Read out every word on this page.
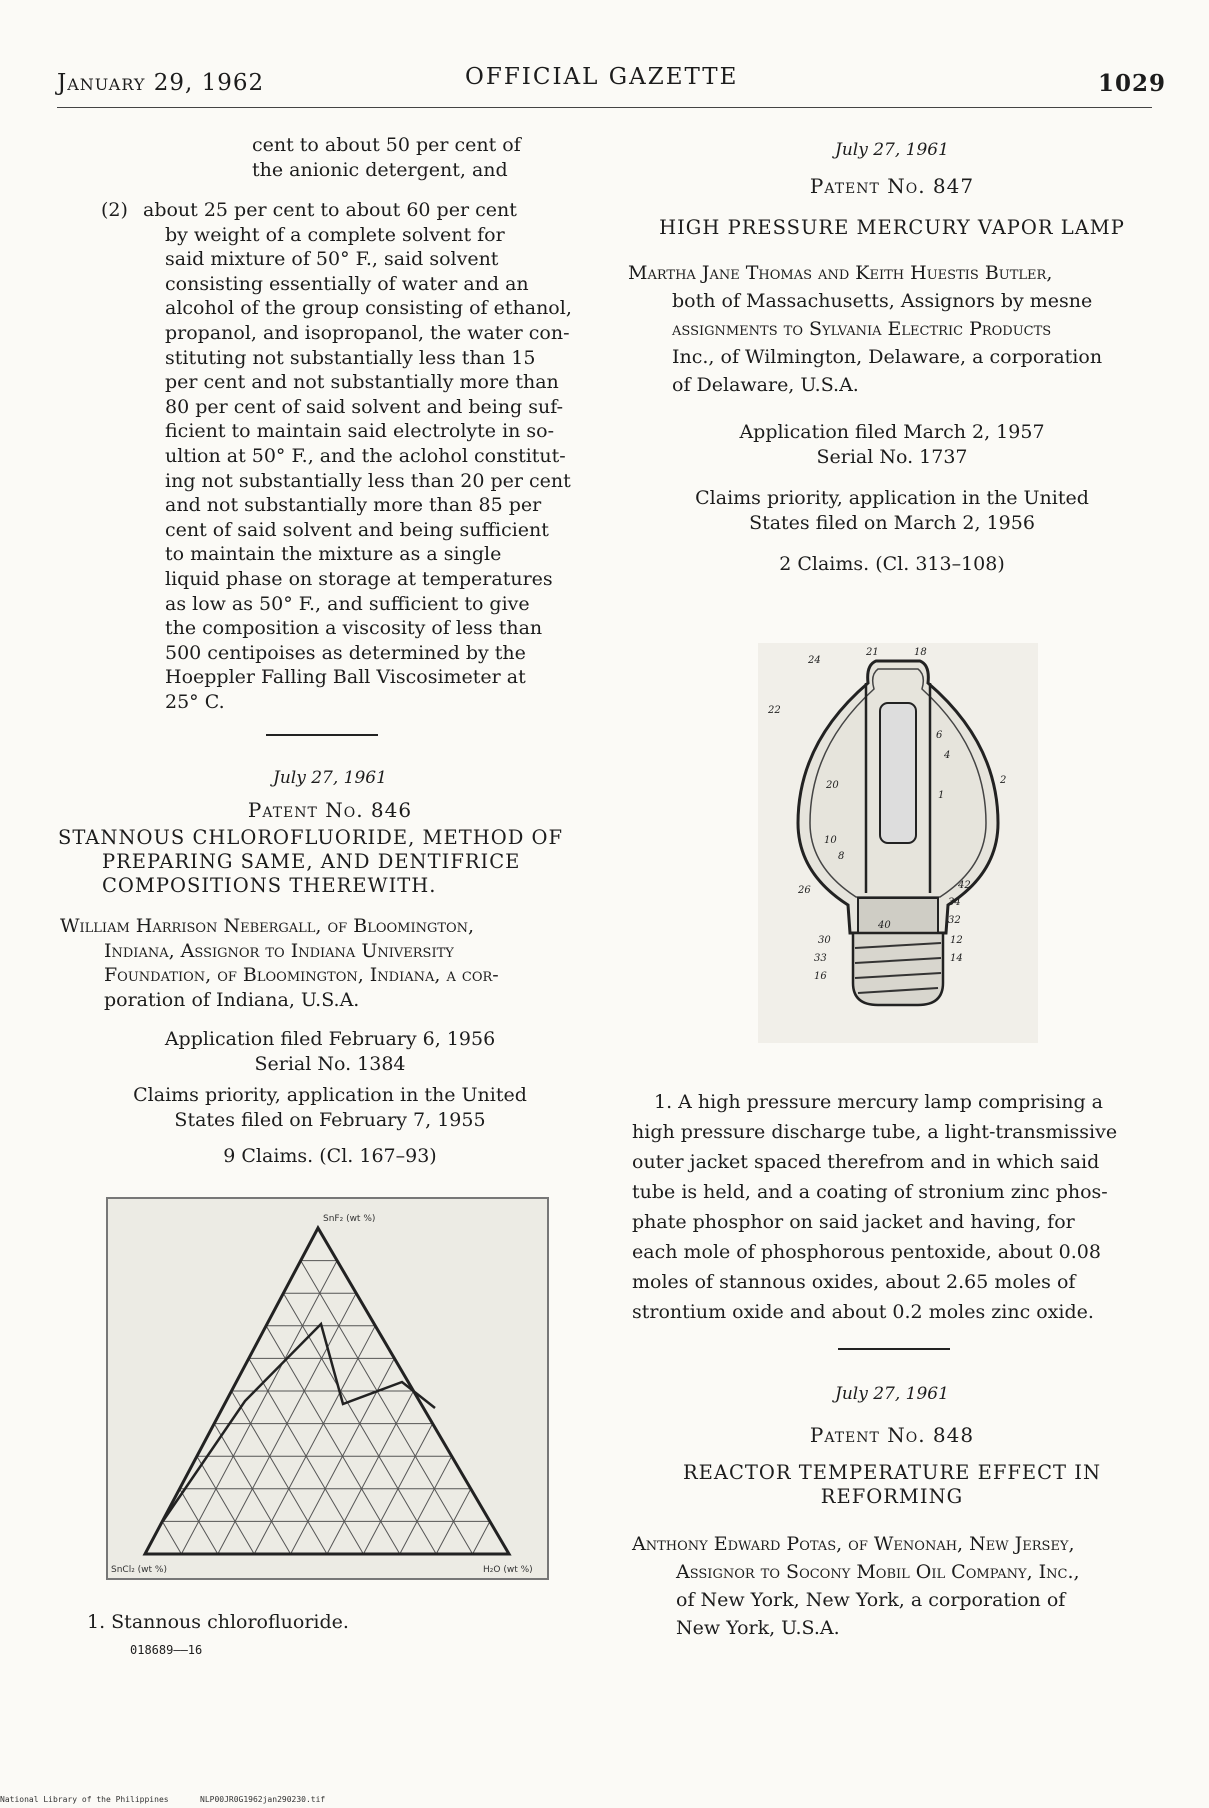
January 29, 1962	OFFICIAL GAZETTE	1029
cent to about 50 per cent of
the anionic detergent, and
(2) about 25 per cent to about 60 per cent
by weight of a complete solvent for
said mixture of 50° F., said solvent
consisting essentially of water and an
alcohol of the group consisting of ethanol,
propanol, and isopropanol, the water con-
stituting not substantially less than 15
per cent and not substantially more than
80 per cent of said solvent and being suf-
ficient to maintain said electrolyte in so-
ultion at 50° F., and the aclohol constitut-
ing not substantially less than 20 per cent
and not substantially more than 85 per
cent of said solvent and being sufficient
to maintain the mixture as a single
liquid phase on storage at temperatures
as low as 50° F., and sufficient to give
the composition a viscosity of less than
500 centipoises as determined by the
Hoeppler Falling Ball Viscosimeter at
25° C.
July 27, 1961
Patent No. 846
STANNOUS CHLOROFLUORIDE, METHOD OF
PREPARING SAME, AND DENTIFRICE
COMPOSITIONS THEREWITH.
William Harrison Nebergall, of Bloomington,
Indiana, Assignor to Indiana University
Foundation, of Bloomington, Indiana, a cor-
poration of Indiana, U.S.A.
Application filed February 6, 1956
Serial No. 1384
Claims priority, application in the United
States filed on February 7, 1955
9 Claims. (Cl. 167–93)
SnF₂ (wt %)
SnCl₂ (wt %)	H₂O (wt %)
1. Stannous chlorofluoride.
018689——16
July 27, 1961
Patent No. 847
HIGH PRESSURE MERCURY VAPOR LAMP
Martha Jane Thomas and Keith Huestis Butler,
both of Massachusetts, Assignors by mesne
assignments to Sylvania Electric Products
Inc., of Wilmington, Delaware, a corporation
of Delaware, U.S.A.
Application filed March 2, 1957
Serial No. 1737
Claims priority, application in the United
States filed on March 2, 1956
2 Claims. (Cl. 313–108)
22
21	18
24
6
4
2
20
1
10
8
26	42
34
32
30	12
33	14
16
40
1. A high pressure mercury lamp comprising a
high pressure discharge tube, a light-transmissive
outer jacket spaced therefrom and in which said
tube is held, and a coating of stronium zinc phos-
phate phosphor on said jacket and having, for
each mole of phosphorous pentoxide, about 0.08
moles of stannous oxides, about 2.65 moles of
strontium oxide and about 0.2 moles zinc oxide.
July 27, 1961
Patent No. 848
REACTOR TEMPERATURE EFFECT IN
REFORMING
Anthony Edward Potas, of Wenonah, New Jersey,
Assignor to Socony Mobil Oil Company, Inc.,
of New York, New York, a corporation of
New York, U.S.A.
National Library of the Philippines	NLP00JR0G1962jan290230.tif
